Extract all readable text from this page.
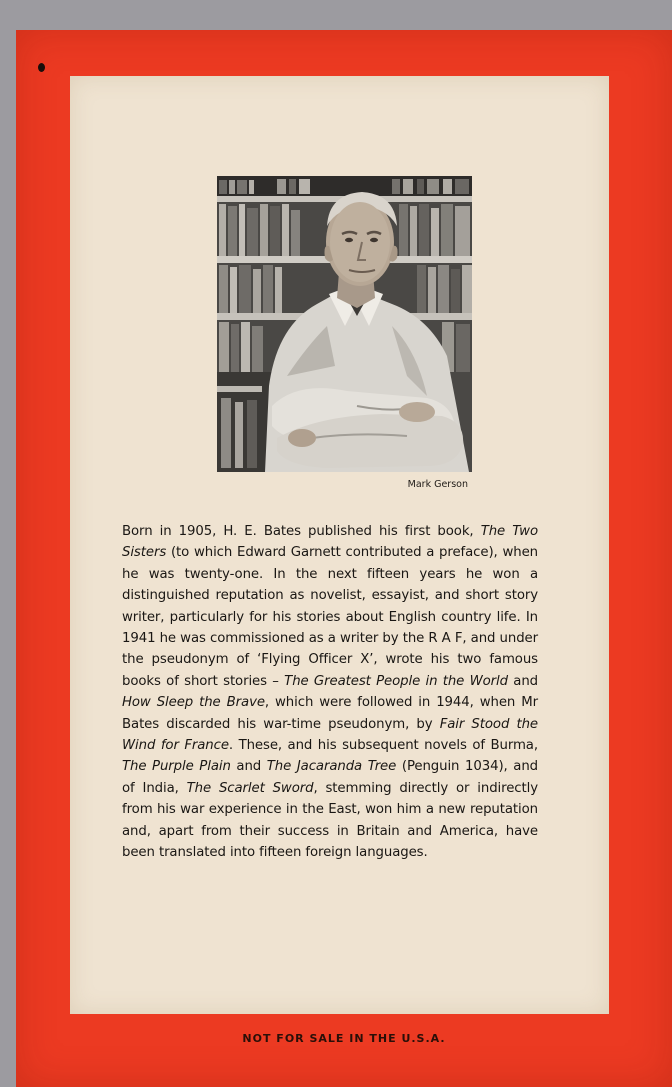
Mark Gerson

Born in 1905, H. E. Bates published his first book, The Two Sisters (to which Edward Garnett contributed a preface), when he was twenty-one. In the next fifteen years he won a distinguished reputation as novelist, essayist, and short story writer, particularly for his stories about English country life. In 1941 he was commissioned as a writer by the R A F, and under the pseudonym of ‘Flying Officer X’, wrote his two famous books of short stories – The Greatest People in the World and How Sleep the Brave, which were followed in 1944, when Mr Bates discarded his war-time pseudonym, by Fair Stood the Wind for France. These, and his subsequent novels of Burma, The Purple Plain and The Jacaranda Tree (Penguin 1034), and of India, The Scarlet Sword, stemming directly or indirectly from his war experience in the East, won him a new reputation and, apart from their success in Britain and America, have been translated into fifteen foreign languages.

NOT FOR SALE IN THE U.S.A.
